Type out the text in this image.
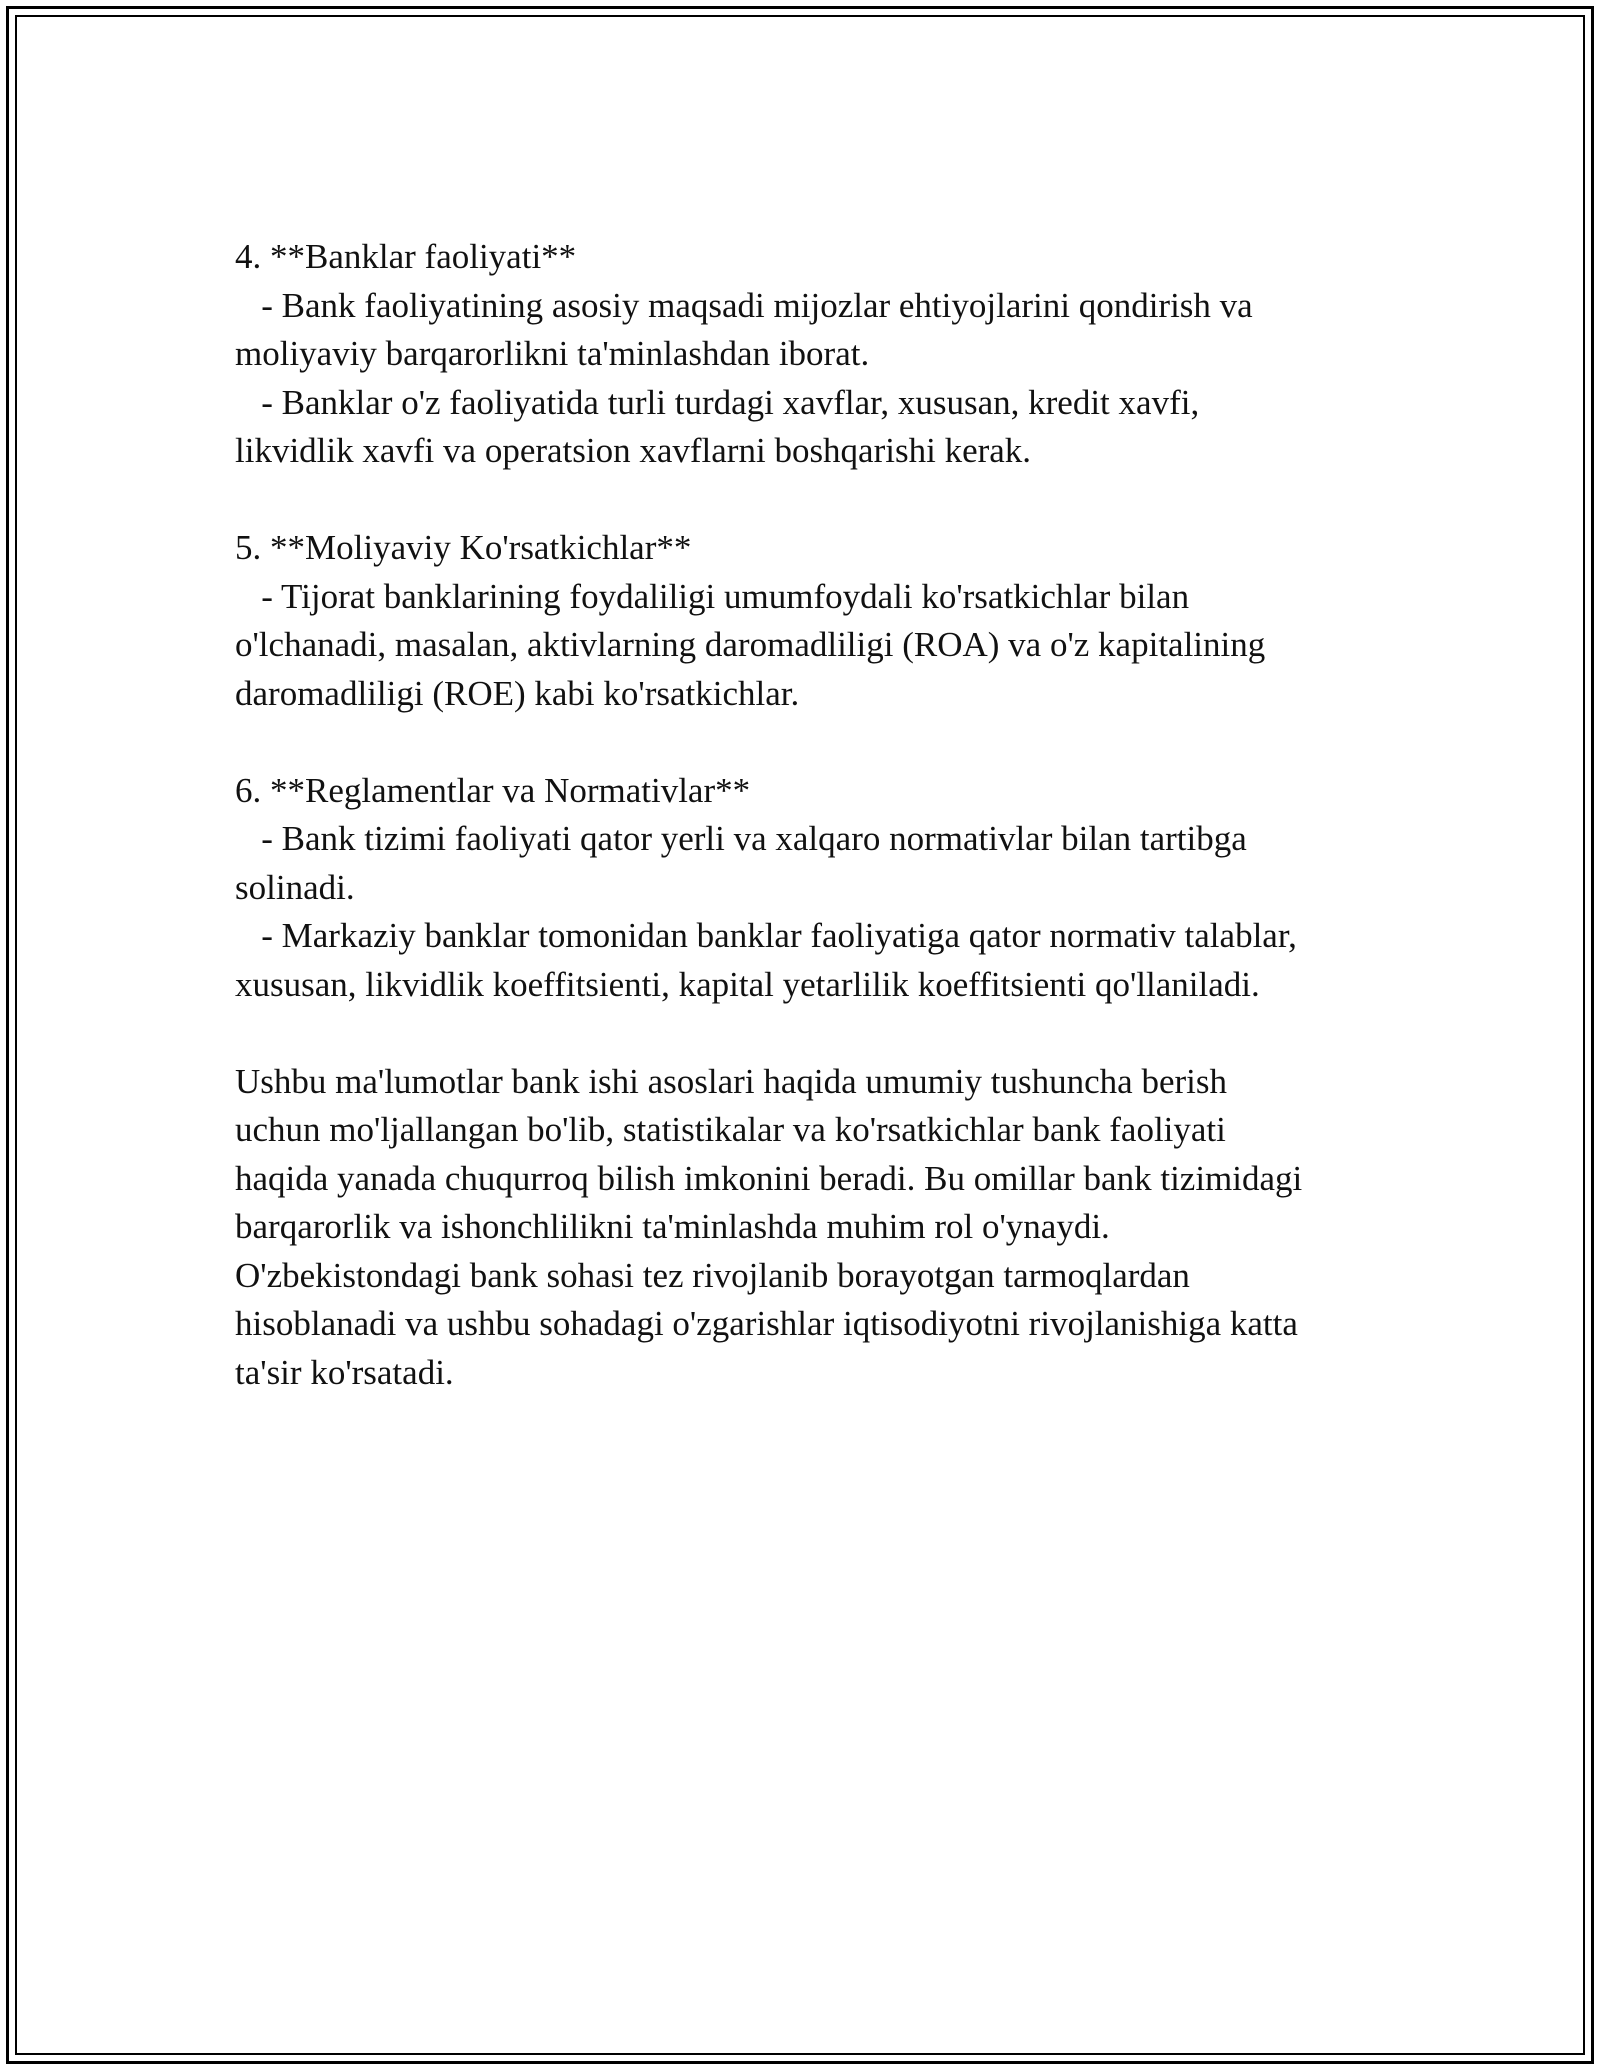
4. **Banklar faoliyati**
- Bank faoliyatining asosiy maqsadi mijozlar ehtiyojlarini qondirish va
moliyaviy barqarorlikni ta'minlashdan iborat.
- Banklar o'z faoliyatida turli turdagi xavflar, xususan, kredit xavfi,
likvidlik xavfi va operatsion xavflarni boshqarishi kerak.
5. **Moliyaviy Ko'rsatkichlar**
- Tijorat banklarining foydaliligi umumfoydali ko'rsatkichlar bilan
o'lchanadi, masalan, aktivlarning daromadliligi (ROA) va o'z kapitalining
daromadliligi (ROE) kabi ko'rsatkichlar.
6. **Reglamentlar va Normativlar**
- Bank tizimi faoliyati qator yerli va xalqaro normativlar bilan tartibga
solinadi.
- Markaziy banklar tomonidan banklar faoliyatiga qator normativ talablar,
xususan, likvidlik koeffitsienti, kapital yetarlilik koeffitsienti qo'llaniladi.
Ushbu ma'lumotlar bank ishi asoslari haqida umumiy tushuncha berish
uchun mo'ljallangan bo'lib, statistikalar va ko'rsatkichlar bank faoliyati
haqida yanada chuqurroq bilish imkonini beradi. Bu omillar bank tizimidagi
barqarorlik va ishonchlilikni ta'minlashda muhim rol o'ynaydi.
O'zbekistondagi bank sohasi tez rivojlanib borayotgan tarmoqlardan
hisoblanadi va ushbu sohadagi o'zgarishlar iqtisodiyotni rivojlanishiga katta
ta'sir ko'rsatadi.
